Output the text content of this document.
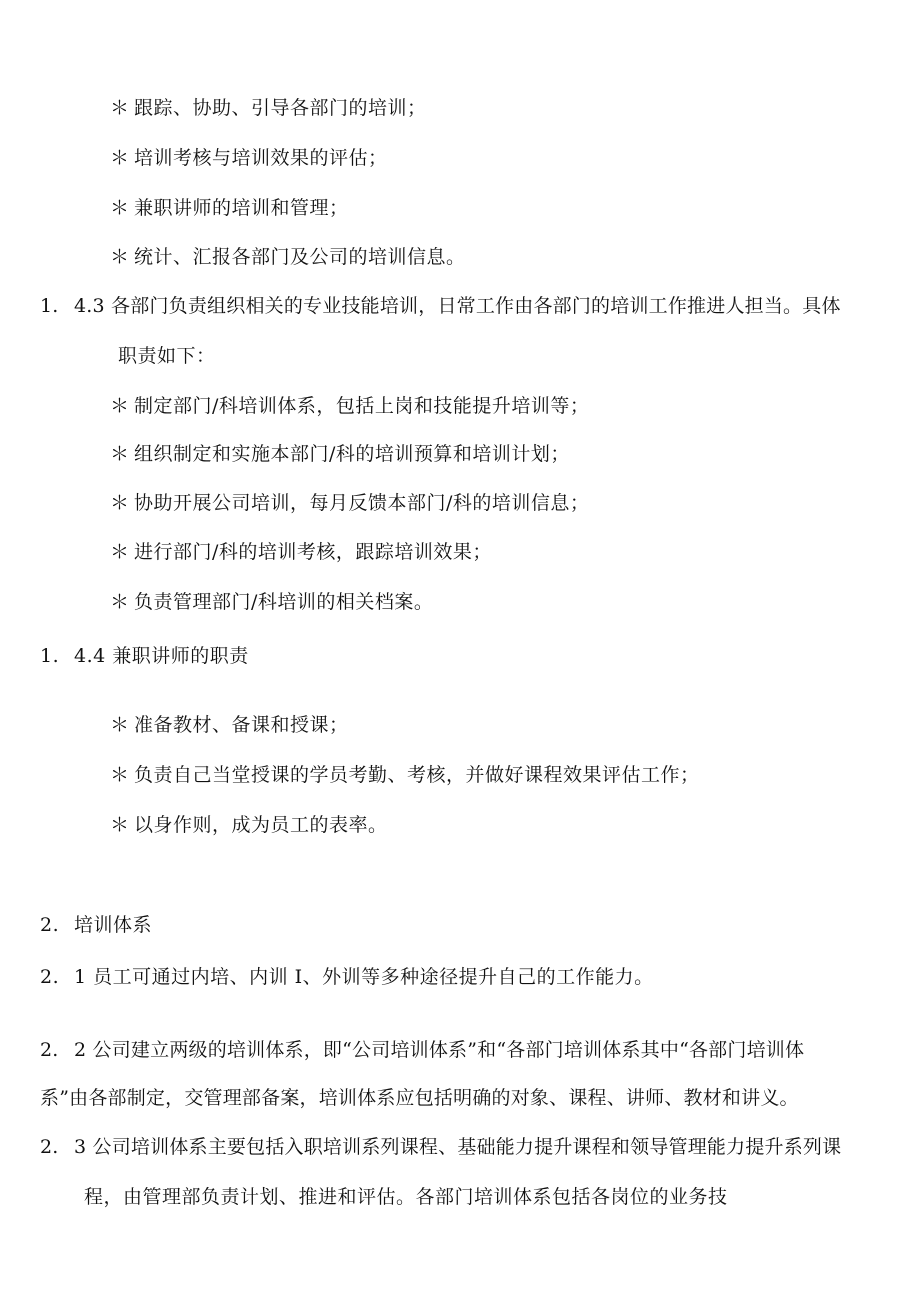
＊ 跟踪、协助、引导各部门的培训；
＊ 培训考核与培训效果的评估；
＊ 兼职讲师的培训和管理；
＊ 统计、汇报各部门及公司的培训信息。
1. 4.3 各部门负责组织相关的专业技能培训，日常工作由各部门的培训工作推进人担当。具体
职责如下：
＊ 制定部门/科培训体系，包括上岗和技能提升培训等；
＊ 组织制定和实施本部门/科的培训预算和培训计划；
＊ 协助开展公司培训，每月反馈本部门/科的培训信息；
＊ 进行部门/科的培训考核，跟踪培训效果；
＊ 负责管理部门/科培训的相关档案。
1. 4.4 兼职讲师的职责
＊ 准备教材、备课和授课；
＊ 负责自己当堂授课的学员考勤、考核，并做好课程效果评估工作；
＊ 以身作则，成为员工的表率。
2. 培训体系
2. 1 员工可通过内培、内训 I、外训等多种途径提升自己的工作能力。
2. 2 公司建立两级的培训体系，即“公司培训体系”和“各部门培训体系其中“各部门培训体
系”由各部制定，交管理部备案，培训体系应包括明确的对象、课程、讲师、教材和讲义。
2. 3 公司培训体系主要包括入职培训系列课程、基础能力提升课程和领导管理能力提升系列课
程，由管理部负责计划、推进和评估。各部门培训体系包括各岗位的业务技
